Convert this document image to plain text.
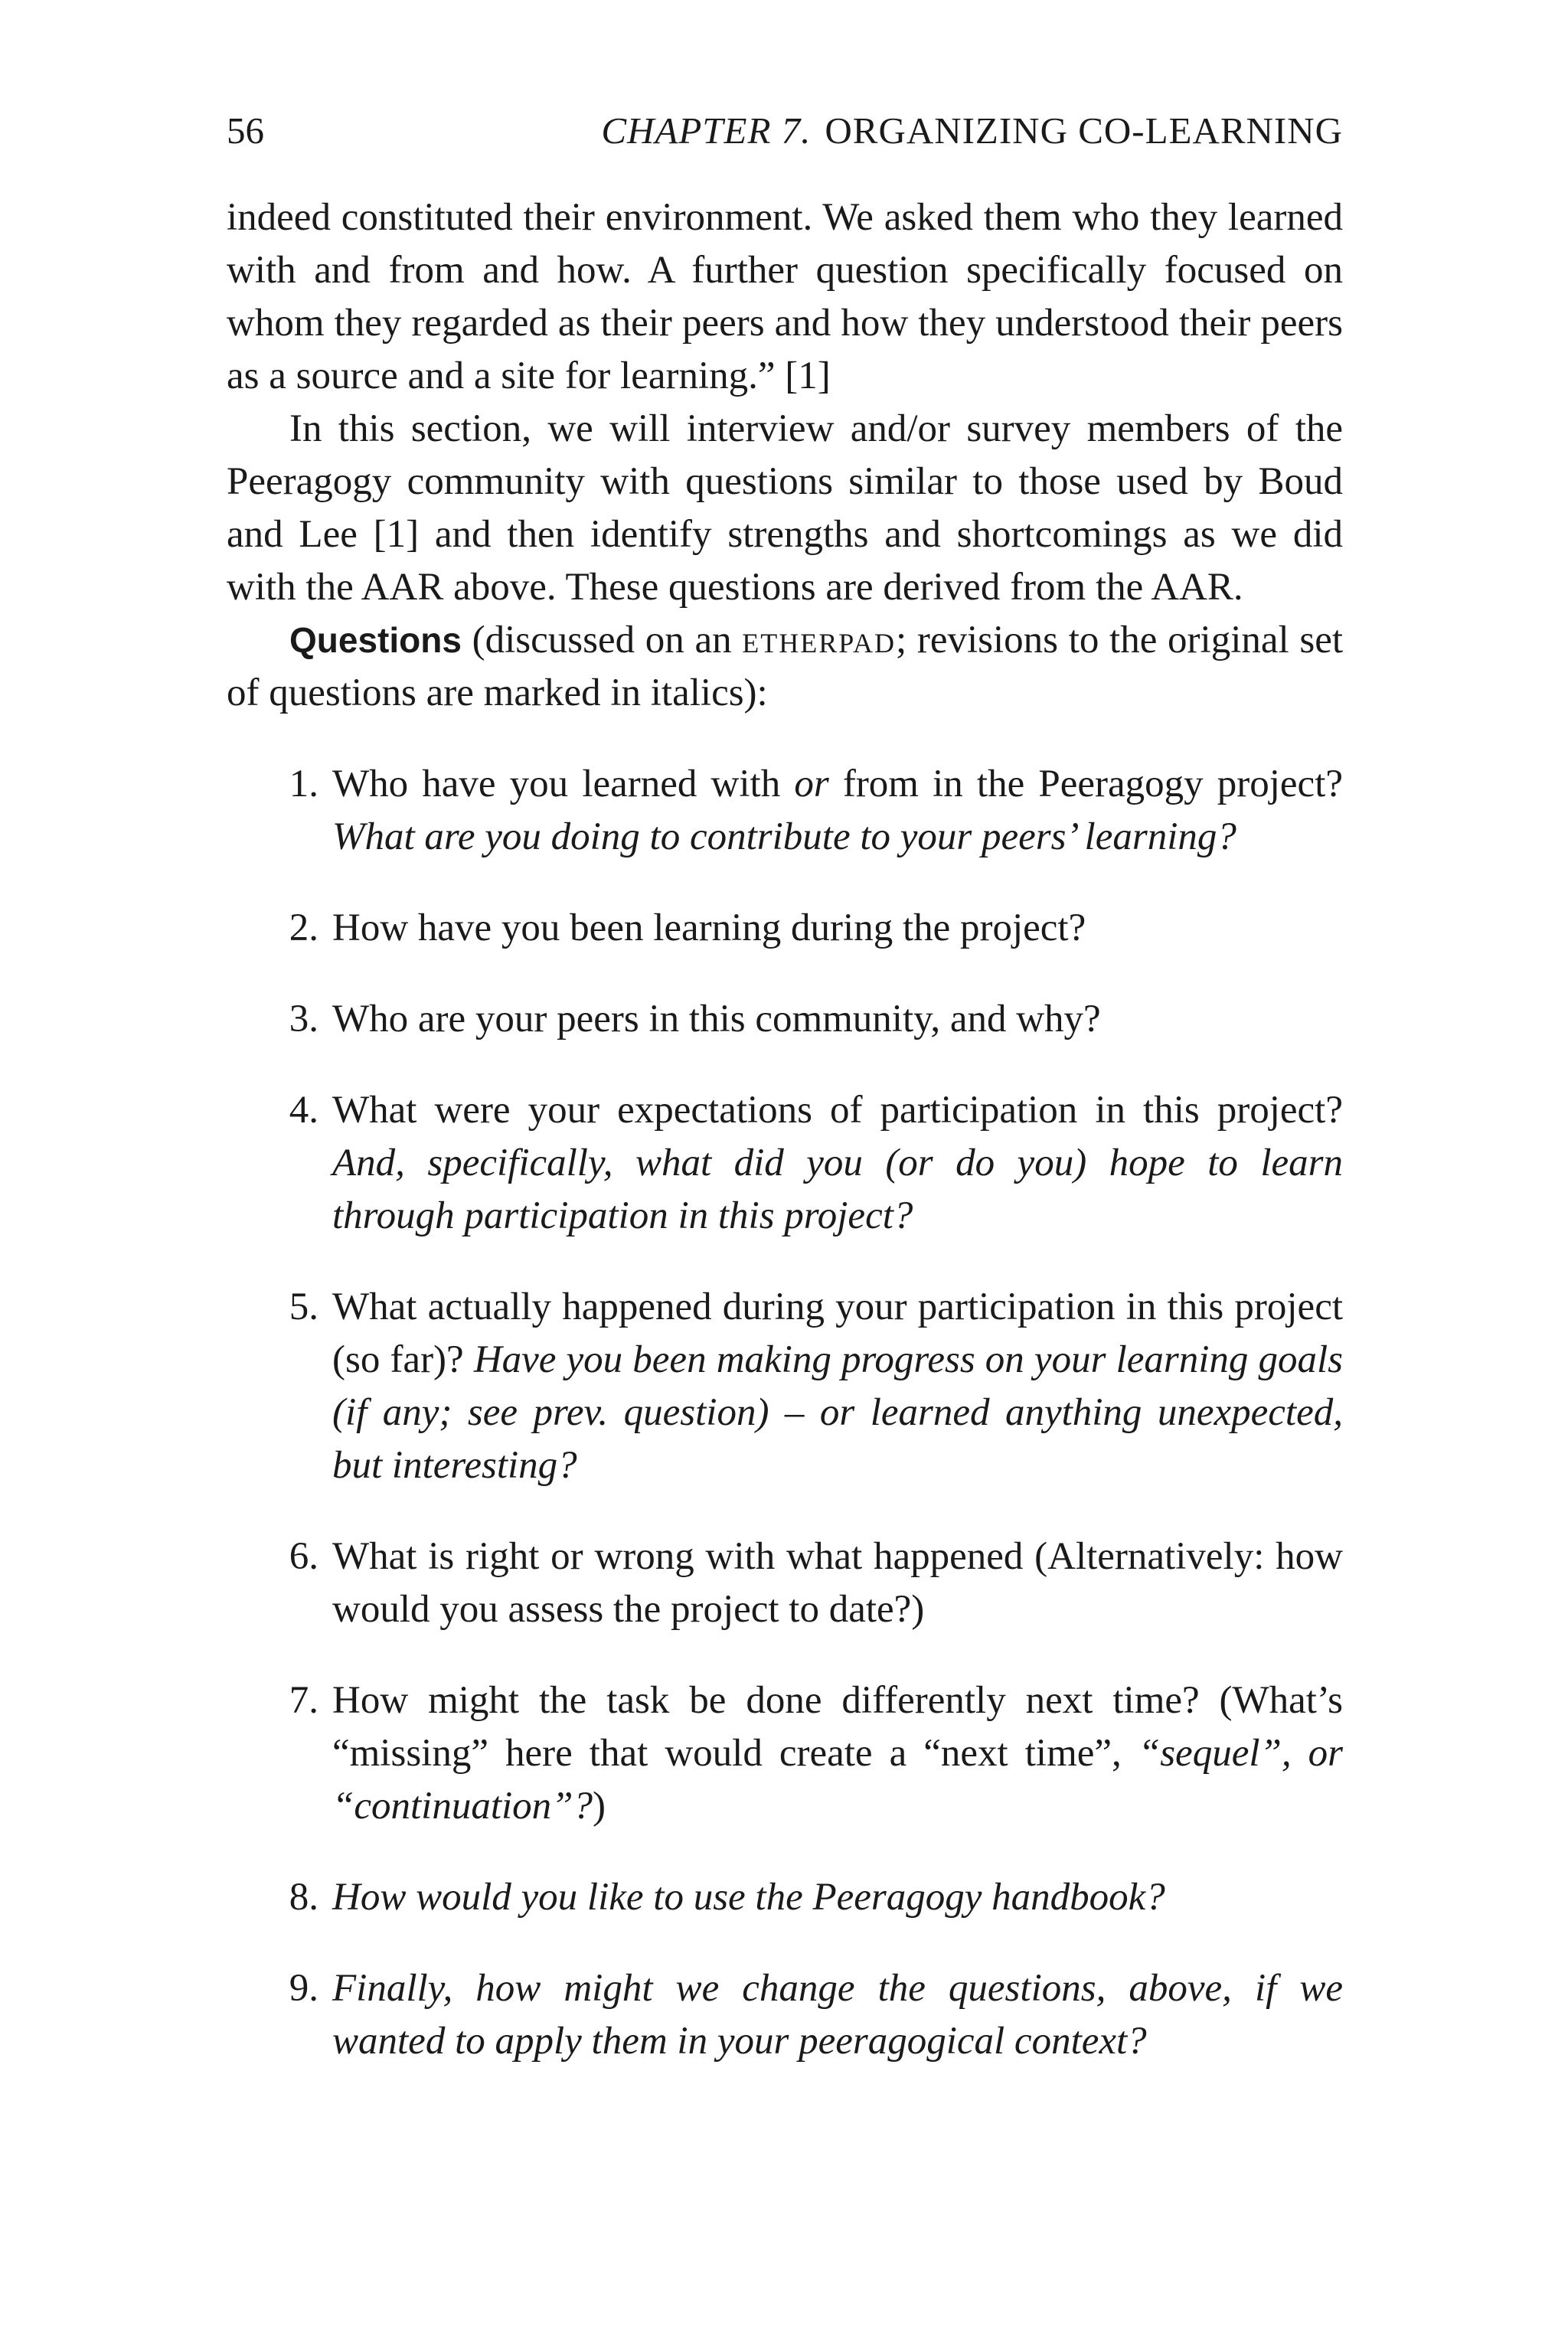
56	CHAPTER 7. ORGANIZING CO-LEARNING

indeed constituted their environment. We asked them who they learned with and from and how. A further question specifically focused on whom they regarded as their peers and how they understood their peers as a source and a site for learning.” [1]

In this section, we will interview and/or survey members of the Peeragogy community with questions similar to those used by Boud and Lee [1] and then identify strengths and shortcomings as we did with the AAR above. These questions are derived from the AAR.

Questions (discussed on an etherpad; revisions to the original set of questions are marked in italics):

1. Who have you learned with or from in the Peeragogy project? What are you doing to contribute to your peers’ learning?
2. How have you been learning during the project?
3. Who are your peers in this community, and why?
4. What were your expectations of participation in this project? And, specifically, what did you (or do you) hope to learn through participation in this project?
5. What actually happened during your participation in this project (so far)? Have you been making progress on your learning goals (if any; see prev. question) – or learned anything unexpected, but interesting?
6. What is right or wrong with what happened (Alternatively: how would you assess the project to date?)
7. How might the task be done differently next time? (What’s “missing” here that would create a “next time”, “sequel”, or “continuation”?)
8. How would you like to use the Peeragogy handbook?
9. Finally, how might we change the questions, above, if we wanted to apply them in your peeragogical context?
